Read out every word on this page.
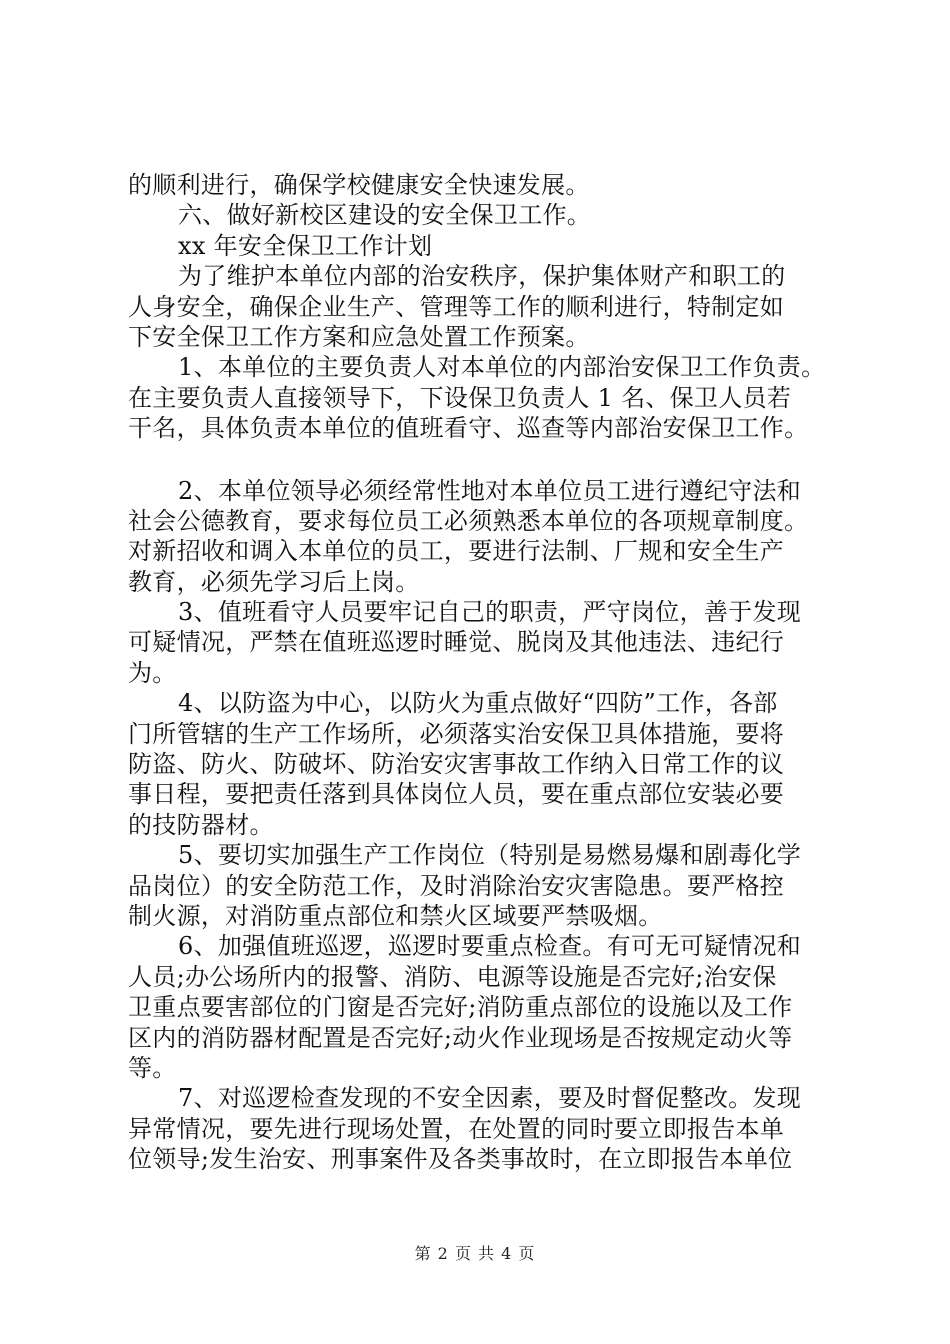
的顺利进行，确保学校健康安全快速发展。
六、做好新校区建设的安全保卫工作。
xx 年安全保卫工作计划
为了维护本单位内部的治安秩序，保护集体财产和职工的
人身安全，确保企业生产、管理等工作的顺利进行，特制定如
下安全保卫工作方案和应急处置工作预案。
1、本单位的主要负责人对本单位的内部治安保卫工作负责。
在主要负责人直接领导下，下设保卫负责人 1 名、保卫人员若
干名，具体负责本单位的值班看守、巡查等内部治安保卫工作。
2、本单位领导必须经常性地对本单位员工进行遵纪守法和
社会公德教育，要求每位员工必须熟悉本单位的各项规章制度。
对新招收和调入本单位的员工，要进行法制、厂规和安全生产
教育，必须先学习后上岗。
3、值班看守人员要牢记自己的职责，严守岗位，善于发现
可疑情况，严禁在值班巡逻时睡觉、脱岗及其他违法、违纪行
为。
4、以防盗为中心，以防火为重点做好“四防”工作，各部
门所管辖的生产工作场所，必须落实治安保卫具体措施，要将
防盗、防火、防破坏、防治安灾害事故工作纳入日常工作的议
事日程，要把责任落到具体岗位人员，要在重点部位安装必要
的技防器材。
5、要切实加强生产工作岗位（特别是易燃易爆和剧毒化学
品岗位）的安全防范工作，及时消除治安灾害隐患。要严格控
制火源，对消防重点部位和禁火区域要严禁吸烟。
6、加强值班巡逻，巡逻时要重点检查。有可无可疑情况和
人员;办公场所内的报警、消防、电源等设施是否完好;治安保
卫重点要害部位的门窗是否完好;消防重点部位的设施以及工作
区内的消防器材配置是否完好;动火作业现场是否按规定动火等
等。
7、对巡逻检查发现的不安全因素，要及时督促整改。发现
异常情况，要先进行现场处置，在处置的同时要立即报告本单
位领导;发生治安、刑事案件及各类事故时，在立即报告本单位
第 2 页 共 4 页
